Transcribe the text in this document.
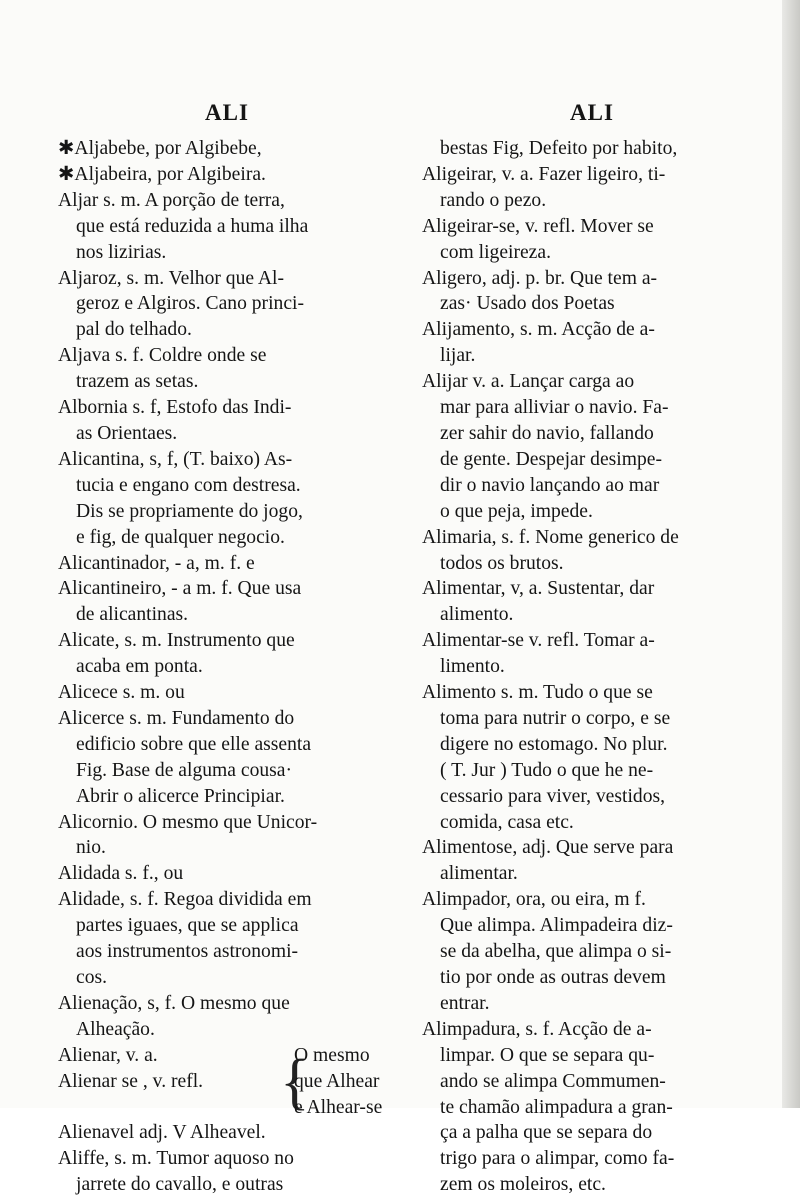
ALI	ALI
✱Aljabebe, por Algibebe,
✱Aljabeira, por Algibeira.
Aljar s. m. A porção de terra,
que está reduzida a huma ilha
nos lizirias.
Aljaroz, s. m. Velhor que Al-
geroz e Algiros. Cano princi-
pal do telhado.
Aljava s. f. Coldre onde se
trazem as setas.
Albornia s. f, Estofo das Indi-
as Orientaes.
Alicantina, s, f, (T. baixo) As-
tucia e engano com destresa.
Dis se propriamente do jogo,
e fig, de qualquer negocio.
Alicantinador, - a, m. f. e
Alicantineiro, - a m. f. Que usa
de alicantinas.
Alicate, s. m. Instrumento que
acaba em ponta.
Alicece s. m. ou
Alicerce s. m. Fundamento do
edificio sobre que elle assenta
Fig. Base de alguma cousa·
Abrir o alicerce Principiar.
Alicornio. O mesmo que Unicor-
nio.
Alidada s. f., ou
Alidade, s. f. Regoa dividida em
partes iguaes, que se applica
aos instrumentos astronomi-
cos.
Alienação, s, f. O mesmo que
Alheação.
Alienar, v. a.
Alienar se , v. refl.
	{
O mesmo
que Alhear
e Alhear-se
Alienavel adj. V Alheavel.
Aliffe, s. m. Tumor aquoso no
jarrete do cavallo, e outras
bestas Fig, Defeito por habito,
Aligeirar, v. a. Fazer ligeiro, ti-
rando o pezo.
Aligeirar-se, v. refl. Mover se
com ligeireza.
Aligero, adj. p. br. Que tem a-
zas· Usado dos Poetas
Alijamento, s. m. Acção de a-
lijar.
Alijar v. a. Lançar carga ao
mar para alliviar o navio. Fa-
zer sahir do navio, fallando
de gente. Despejar desimpe-
dir o navio lançando ao mar
o que peja, impede.
Alimaria, s. f. Nome generico de
todos os brutos.
Alimentar, v, a. Sustentar, dar
alimento.
Alimentar-se v. refl. Tomar a-
limento.
Alimento s. m. Tudo o que se
toma para nutrir o corpo, e se
digere no estomago. No plur.
( T. Jur ) Tudo o que he ne-
cessario para viver, vestidos,
comida, casa etc.
Alimentose, adj. Que serve para
alimentar.
Alimpador, ora, ou eira, m f.
Que alimpa. Alimpadeira diz-
se da abelha, que alimpa o si-
tio por onde as outras devem
entrar.
Alimpadura, s. f. Acção de a-
limpar. O que se separa qu-
ando se alimpa Commumen-
te chamão alimpadura a gran-
ça a palha que se separa do
trigo para o alimpar, como fa-
zem os moleiros, etc.
